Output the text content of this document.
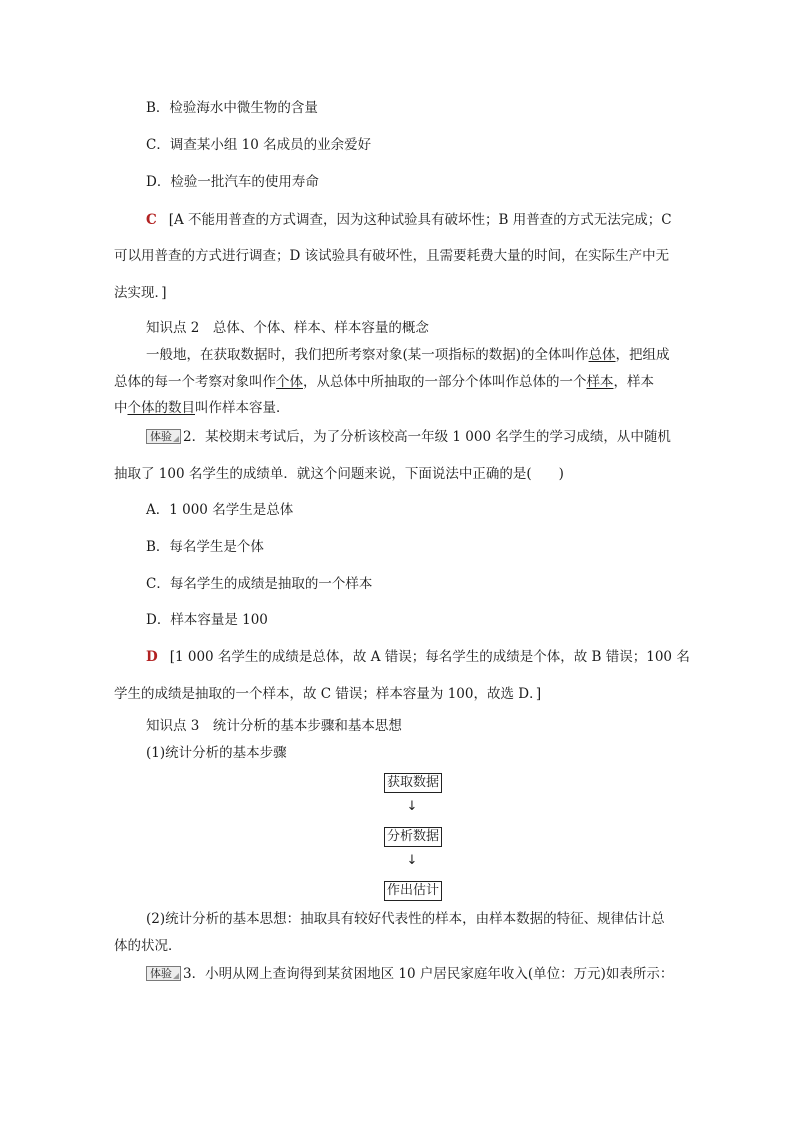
B．检验海水中微生物的含量
C．调查某小组 10 名成员的业余爱好
D．检验一批汽车的使用寿命
C [A 不能用普查的方式调查，因为这种试验具有破坏性；B 用普查的方式无法完成；C
可以用普查的方式进行调查；D 该试验具有破坏性，且需要耗费大量的时间，在实际生产中无
法实现．]
知识点 2　总体、个体、样本、样本容量的概念
一般地，在获取数据时，我们把所考察对象(某一项指标的数据)的全体叫作总体，把组成
总体的每一个考察对象叫作个体，从总体中所抽取的一部分个体叫作总体的一个样本，样本
中个体的数目叫作样本容量．
体验 2．某校期末考试后，为了分析该校高一年级 1 000 名学生的学习成绩，从中随机
抽取了 100 名学生的成绩单．就这个问题来说，下面说法中正确的是(　　)
A．1 000 名学生是总体
B．每名学生是个体
C．每名学生的成绩是抽取的一个样本
D．样本容量是 100
D [1 000 名学生的成绩是总体，故 A 错误；每名学生的成绩是个体，故 B 错误；100 名
学生的成绩是抽取的一个样本，故 C 错误；样本容量为 100，故选 D．]
知识点 3　统计分析的基本步骤和基本思想
(1)统计分析的基本步骤
获取数据
↓
分析数据
↓
作出估计
(2)统计分析的基本思想：抽取具有较好代表性的样本，由样本数据的特征、规律估计总
体的状况．
体验 3．小明从网上查询得到某贫困地区 10 户居民家庭年收入(单位：万元)如表所示：
